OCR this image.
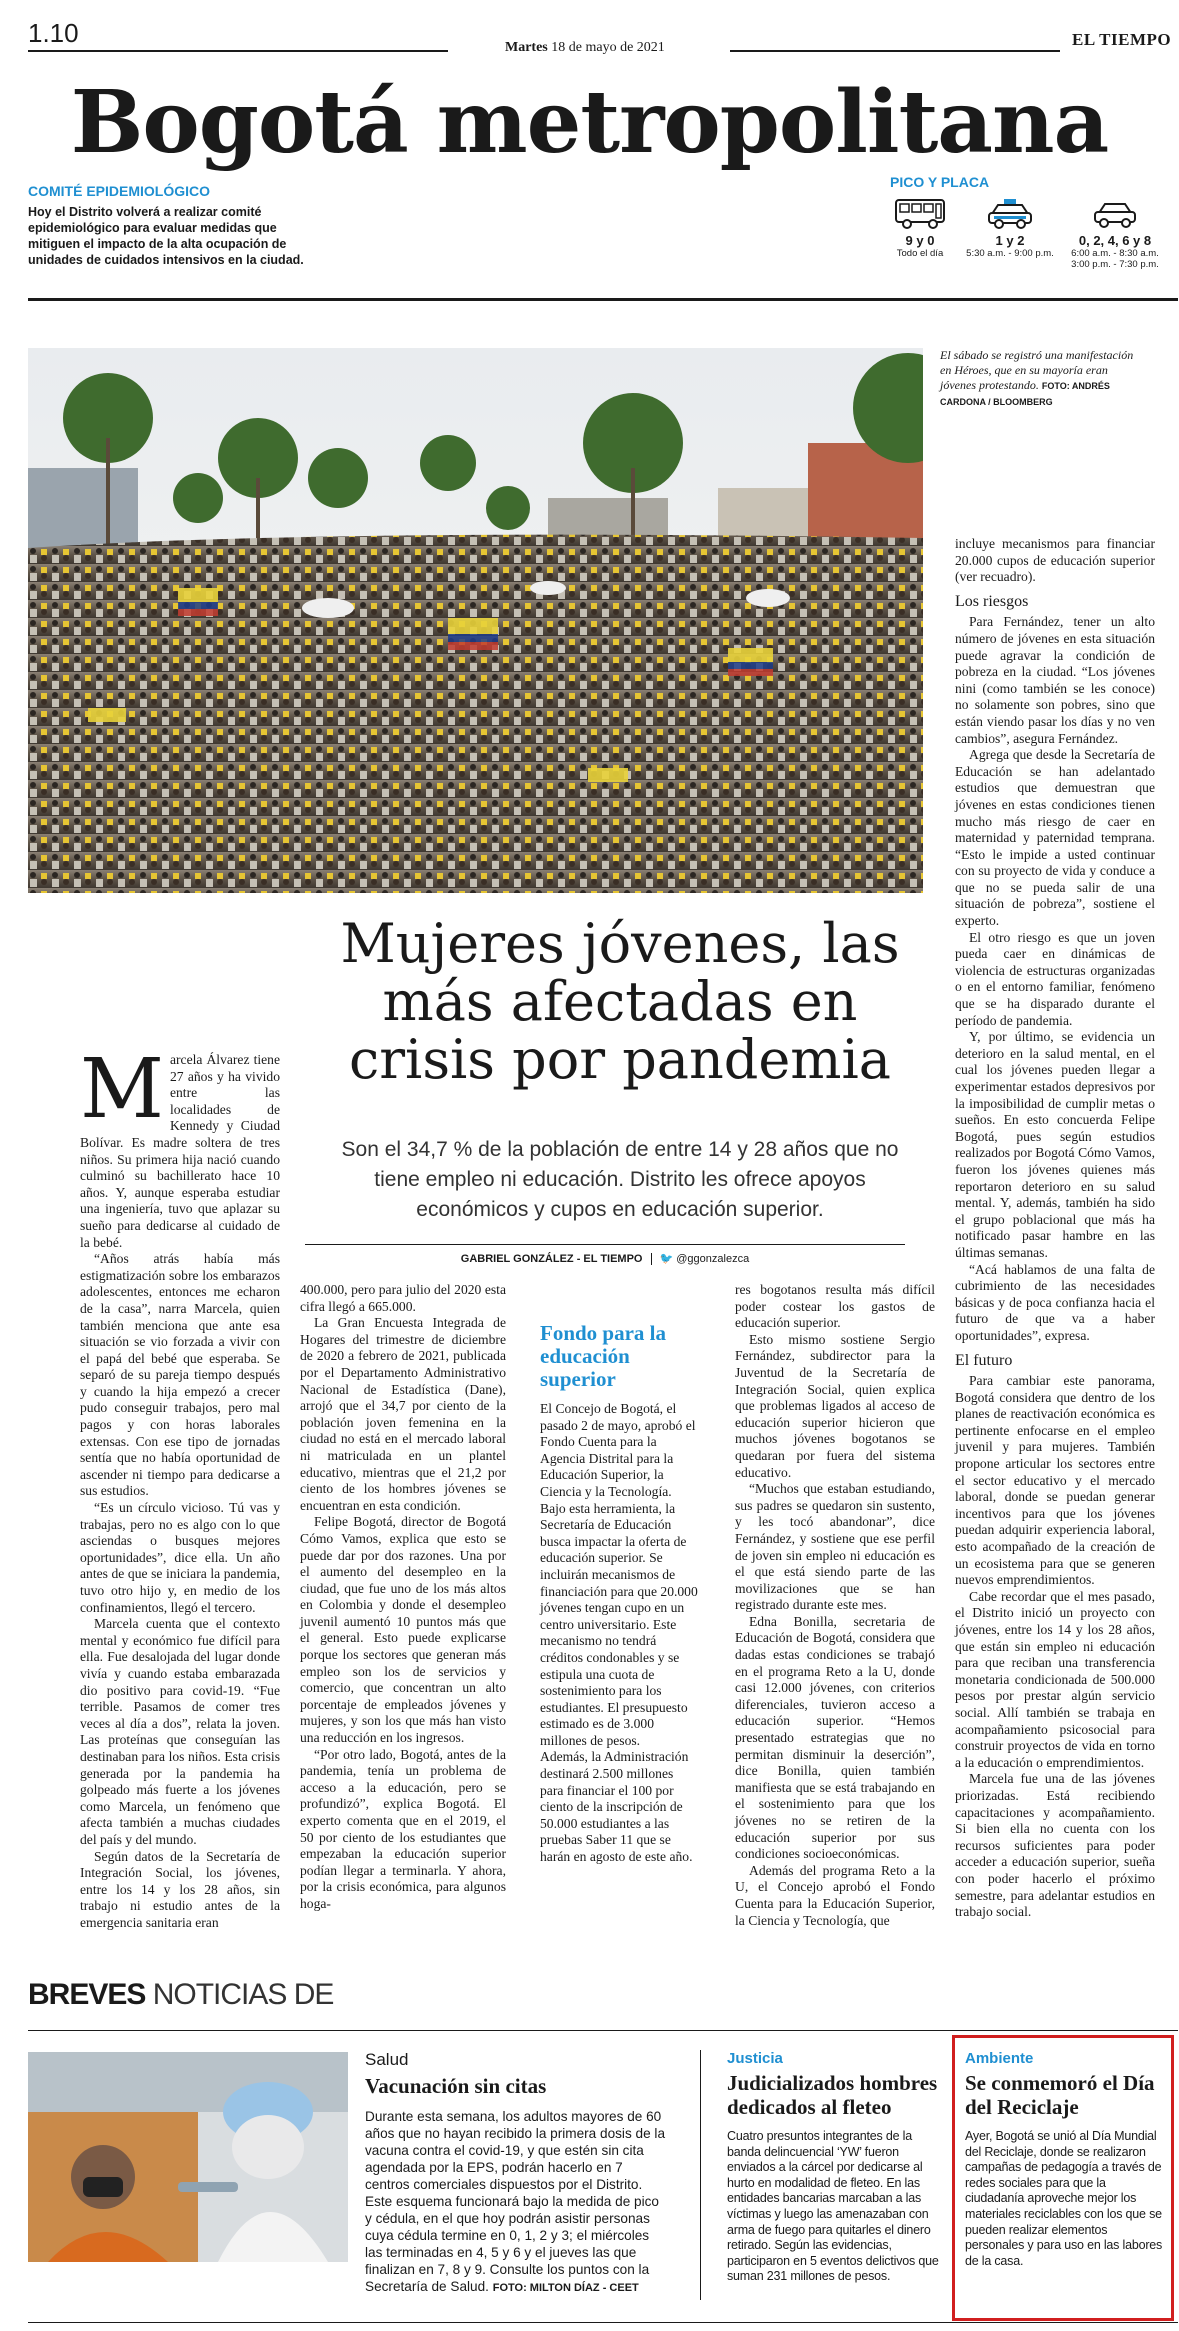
1.10	Martes 18 de mayo de 2021	EL TIEMPO
Bogotá metropolitana
COMITÉ EPIDEMIOLÓGICO
Hoy el Distrito volverá a realizar comité epidemiológico para evaluar medidas que mitiguen el impacto de la alta ocupación de unidades de cuidados intensivos en la ciudad.
PICO Y PLACA
9 y 0
Todo el día
1 y 2
5:30 a.m. - 9:00 p.m.
0, 2, 4, 6 y 8
6:00 a.m. - 8:30 a.m.
3:00 p.m. - 7:30 p.m.
El sábado se registró una manifestación en Héroes, que en su mayoría eran jóvenes protestando. FOTO: ANDRÉS CARDONA / BLOOMBERG
Mujeres jóvenes, las más afectadas en crisis por pandemia
Son el 34,7 % de la población de entre 14 y 28 años que no tiene empleo ni educación. Distrito les ofrece apoyos económicos y cupos en educación superior.
GABRIEL GONZÁLEZ - EL TIEMPO 🐦 @ggonzalezca
M arcela Álvarez tiene 27 años y ha vivido entre las localidades de Kennedy y Ciudad Bolívar. Es madre soltera de tres niños. Su primera hija nació cuando culminó su bachillerato hace 10 años. Y, aunque esperaba estudiar una ingeniería, tuvo que aplazar su sueño para dedicarse al cuidado de la bebé.

“Años atrás había más estigmatización sobre los embarazos adolescentes, entonces me echaron de la casa”, narra Marcela, quien también menciona que ante esa situación se vio forzada a vivir con el papá del bebé que esperaba. Se separó de su pareja tiempo después y cuando la hija empezó a crecer pudo conseguir trabajos, pero mal pagos y con horas laborales extensas. Con ese tipo de jornadas sentía que no había oportunidad de ascender ni tiempo para dedicarse a sus estudios.

“Es un círculo vicioso. Tú vas y trabajas, pero no es algo con lo que asciendas o busques mejores oportunidades”, dice ella. Un año antes de que se iniciara la pandemia, tuvo otro hijo y, en medio de los confinamientos, llegó el tercero.

Marcela cuenta que el contexto mental y económico fue difícil para ella. Fue desalojada del lugar donde vivía y cuando estaba embarazada dio positivo para covid-19. “Fue terrible. Pasamos de comer tres veces al día a dos”, relata la joven. Las proteínas que conseguían las destinaban para los niños. Esta crisis generada por la pandemia ha golpeado más fuerte a los jóvenes como Marcela, un fenómeno que afecta también a muchas ciudades del país y del mundo.

Según datos de la Secretaría de Integración Social, los jóvenes, entre los 14 y los 28 años, sin trabajo ni estudio antes de la emergencia sanitaria eran

400.000, pero para julio del 2020 esta cifra llegó a 665.000.

La Gran Encuesta Integrada de Hogares del trimestre de diciembre de 2020 a febrero de 2021, publicada por el Departamento Administrativo Nacional de Estadística (Dane), arrojó que el 34,7 por ciento de la población joven femenina en la ciudad no está en el mercado laboral ni matriculada en un plantel educativo, mientras que el 21,2 por ciento de los hombres jóvenes se encuentran en esta condición.

Felipe Bogotá, director de Bogotá Cómo Vamos, explica que esto se puede dar por dos razones. Una por el aumento del desempleo en la ciudad, que fue uno de los más altos en Colombia y donde el desempleo juvenil aumentó 10 puntos más que el general. Esto puede explicarse porque los sectores que generan más empleo son los de servicios y comercio, que concentran un alto porcentaje de empleados jóvenes y mujeres, y son los que más han visto una reducción en los ingresos.

“Por otro lado, Bogotá, antes de la pandemia, tenía un problema de acceso a la educación, pero se profundizó”, explica Bogotá. El experto comenta que en el 2019, el 50 por ciento de los estudiantes que empezaban la educación superior podían llegar a terminarla. Y ahora, por la crisis económica, para algunos hoga-

Fondo para la educación superior

El Concejo de Bogotá, el pasado 2 de mayo, aprobó el Fondo Cuenta para la Agencia Distrital para la Educación Superior, la Ciencia y la Tecnología.

Bajo esta herramienta, la Secretaría de Educación busca impactar la oferta de educación superior. Se incluirán mecanismos de financiación para que 20.000 jóvenes tengan cupo en un centro universitario. Este mecanismo no tendrá créditos condonables y se estipula una cuota de sostenimiento para los estudiantes. El presupuesto estimado es de 3.000 millones de pesos.

Además, la Administración destinará 2.500 millones para financiar el 100 por ciento de la inscripción de 50.000 estudiantes a las pruebas Saber 11 que se harán en agosto de este año.

res bogotanos resulta más difícil poder costear los gastos de educación superior.

Esto mismo sostiene Sergio Fernández, subdirector para la Juventud de la Secretaría de Integración Social, quien explica que problemas ligados al acceso de educación superior hicieron que muchos jóvenes bogotanos se quedaran por fuera del sistema educativo.

“Muchos que estaban estudiando, sus padres se quedaron sin sustento, y les tocó abandonar”, dice Fernández, y sostiene que ese perfil de joven sin empleo ni educación es el que está siendo parte de las movilizaciones que se han registrado durante este mes.

Edna Bonilla, secretaria de Educación de Bogotá, considera que dadas estas condiciones se trabajó en el programa Reto a la U, donde casi 12.000 jóvenes, con criterios diferenciales, tuvieron acceso a educación superior. “Hemos presentado estrategias que no permitan disminuir la deserción”, dice Bonilla, quien también manifiesta que se está trabajando en el sostenimiento para que los jóvenes no se retiren de la educación superior por sus condiciones socioeconómicas.

Además del programa Reto a la U, el Concejo aprobó el Fondo Cuenta para la Educación Superior, la Ciencia y Tecnología, que

incluye mecanismos para financiar 20.000 cupos de educación superior (ver recuadro).

Los riesgos

Para Fernández, tener un alto número de jóvenes en esta situación puede agravar la condición de pobreza en la ciudad. “Los jóvenes nini (como también se les conoce) no solamente son pobres, sino que están viendo pasar los días y no ven cambios”, asegura Fernández.

Agrega que desde la Secretaría de Educación se han adelantado estudios que demuestran que jóvenes en estas condiciones tienen mucho más riesgo de caer en maternidad y paternidad temprana. “Esto le impide a usted continuar con su proyecto de vida y conduce a que no se pueda salir de una situación de pobreza”, sostiene el experto.

El otro riesgo es que un joven pueda caer en dinámicas de violencia de estructuras organizadas o en el entorno familiar, fenómeno que se ha disparado durante el período de pandemia.

Y, por último, se evidencia un deterioro en la salud mental, en el cual los jóvenes pueden llegar a experimentar estados depresivos por la imposibilidad de cumplir metas o sueños. En esto concuerda Felipe Bogotá, pues según estudios realizados por Bogotá Cómo Vamos, fueron los jóvenes quienes más reportaron deterioro en su salud mental. Y, además, también ha sido el grupo poblacional que más ha notificado pasar hambre en las últimas semanas.

“Acá hablamos de una falta de cubrimiento de las necesidades básicas y de poca confianza hacia el futuro de que va a haber oportunidades”, expresa.

El futuro

Para cambiar este panorama, Bogotá considera que dentro de los planes de reactivación económica es pertinente enfocarse en el empleo juvenil y para mujeres. También propone articular los sectores entre el sector educativo y el mercado laboral, donde se puedan generar incentivos para que los jóvenes puedan adquirir experiencia laboral, esto acompañado de la creación de un ecosistema para que se generen nuevos emprendimientos.

Cabe recordar que el mes pasado, el Distrito inició un proyecto con jóvenes, entre los 14 y los 28 años, que están sin empleo ni educación para que reciban una transferencia monetaria condicionada de 500.000 pesos por prestar algún servicio social. Allí también se trabaja en acompañamiento psicosocial para construir proyectos de vida en torno a la educación o emprendimientos.

Marcela fue una de las jóvenes priorizadas. Está recibiendo capacitaciones y acompañamiento. Si bien ella no cuenta con los recursos suficientes para poder acceder a educación superior, sueña con poder hacerlo el próximo semestre, para adelantar estudios en trabajo social.

BREVES NOTICIAS DE
Salud
Vacunación sin citas
Durante esta semana, los adultos mayores de 60 años que no hayan recibido la primera dosis de la vacuna contra el covid-19, y que estén sin cita agendada por la EPS, podrán hacerlo en 7 centros comerciales dispuestos por el Distrito. Este esquema funcionará bajo la medida de pico y cédula, en el que hoy podrán asistir personas cuya cédula termine en 0, 1, 2 y 3; el miércoles las terminadas en 4, 5 y 6 y el jueves las que finalizan en 7, 8 y 9. Consulte los puntos con la Secretaría de Salud. FOTO: MILTON DÍAZ - CEET
Justicia
Judicializados hombres dedicados al fleteo
Cuatro presuntos integrantes de la banda delincuencial ‘YW’ fueron enviados a la cárcel por dedicarse al hurto en modalidad de fleteo. En las entidades bancarias marcaban a las víctimas y luego las amenazaban con arma de fuego para quitarles el dinero retirado. Según las evidencias, participaron en 5 eventos delictivos que suman 231 millones de pesos.
Ambiente
Se conmemoró el Día del Reciclaje
Ayer, Bogotá se unió al Día Mundial del Reciclaje, donde se realizaron campañas de pedagogía a través de redes sociales para que la ciudadanía aproveche mejor los materiales reciclables con los que se pueden realizar elementos personales y para uso en las labores de la casa.
